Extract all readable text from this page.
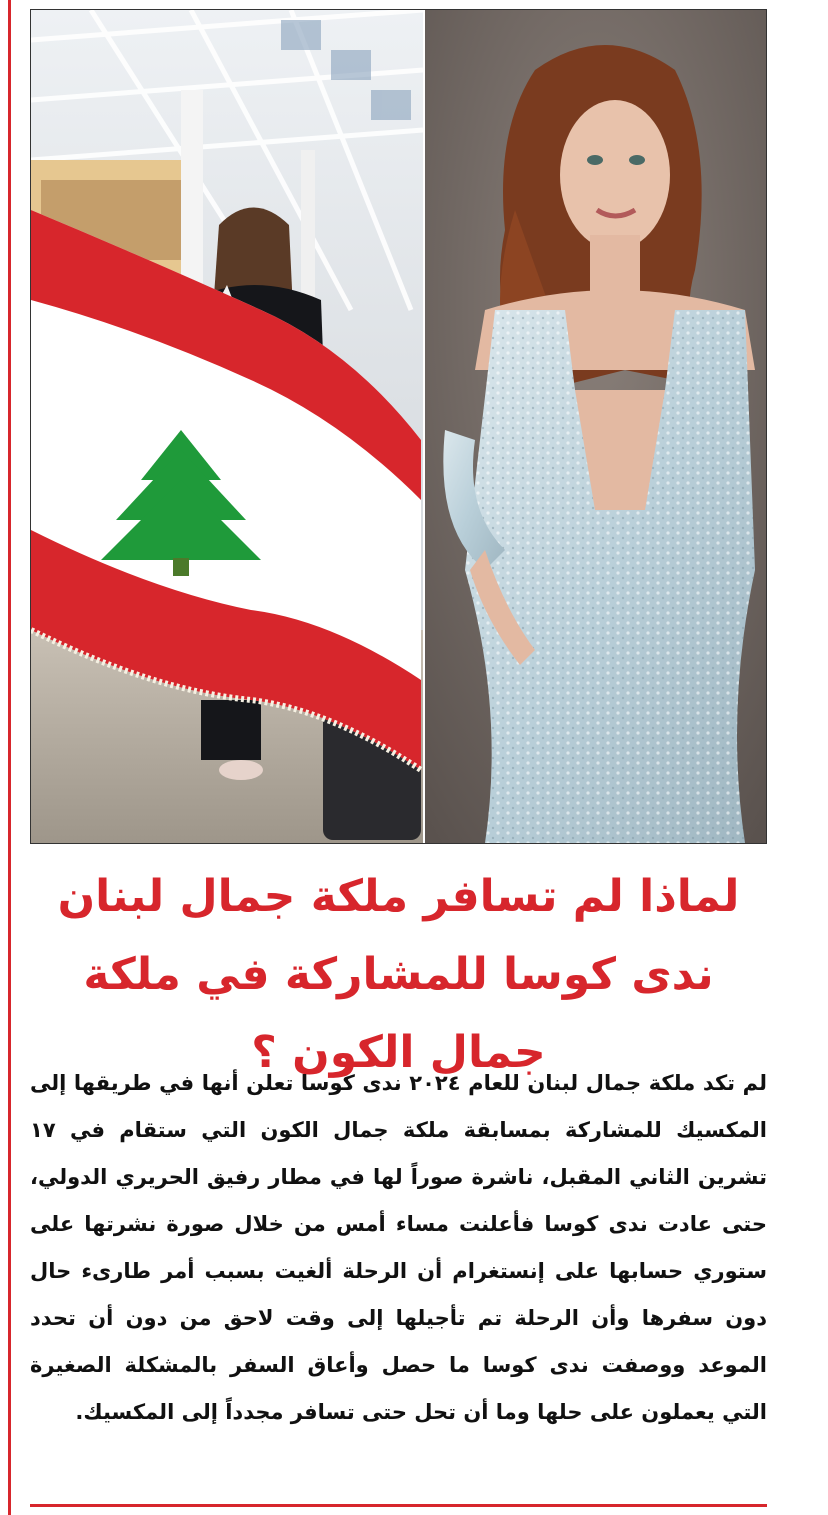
لماذا لم تسافر ملكة جمال لبنان ندى كوسا للمشاركة في ملكة جمال الكون ؟

لم تكد ملكة جمال لبنان للعام ٢٠٢٤ ندى كوسا تعلن أنها في طريقها إلى المكسيك للمشاركة بمسابقة ملكة جمال الكون التي ستقام في ١٧ تشرين الثاني المقبل، ناشرة صوراً لها في مطار رفيق الحريري الدولي، حتى عادت ندى كوسا فأعلنت مساء أمس من خلال صورة نشرتها على ستوري حسابها على إنستغرام أن الرحلة ألغيت بسبب أمر طارىء حال دون سفرها وأن الرحلة تم تأجيلها إلى وقت لاحق من دون أن تحدد الموعد ووصفت ندى كوسا ما حصل وأعاق السفر بالمشكلة الصغيرة التي يعملون على حلها وما أن تحل حتى تسافر مجدداً إلى المكسيك.
